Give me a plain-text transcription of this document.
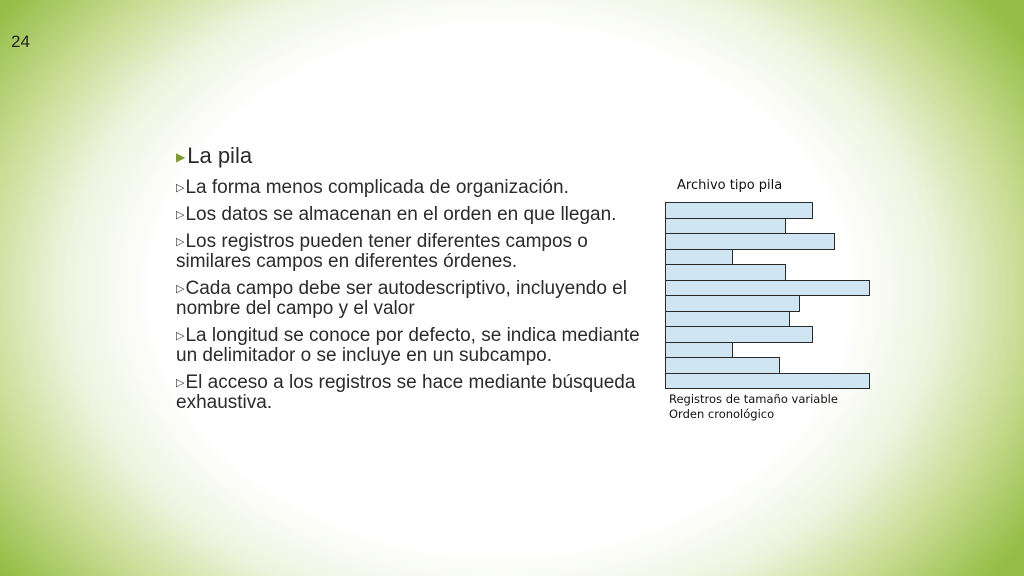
24
▶La pila
▷La forma menos complicada de organización.
▷Los datos se almacenan en el orden en que llegan.
▷Los registros pueden tener diferentes campos o similares campos en diferentes órdenes.
▷Cada campo debe ser autodescriptivo, incluyendo el nombre del campo y el valor
▷La longitud se conoce por defecto, se indica mediante un delimitador o se incluye en un subcampo.
▷El acceso a los registros se hace mediante búsqueda exhaustiva.
Archivo tipo pila
Registros de tamaño variable
Orden cronológico
